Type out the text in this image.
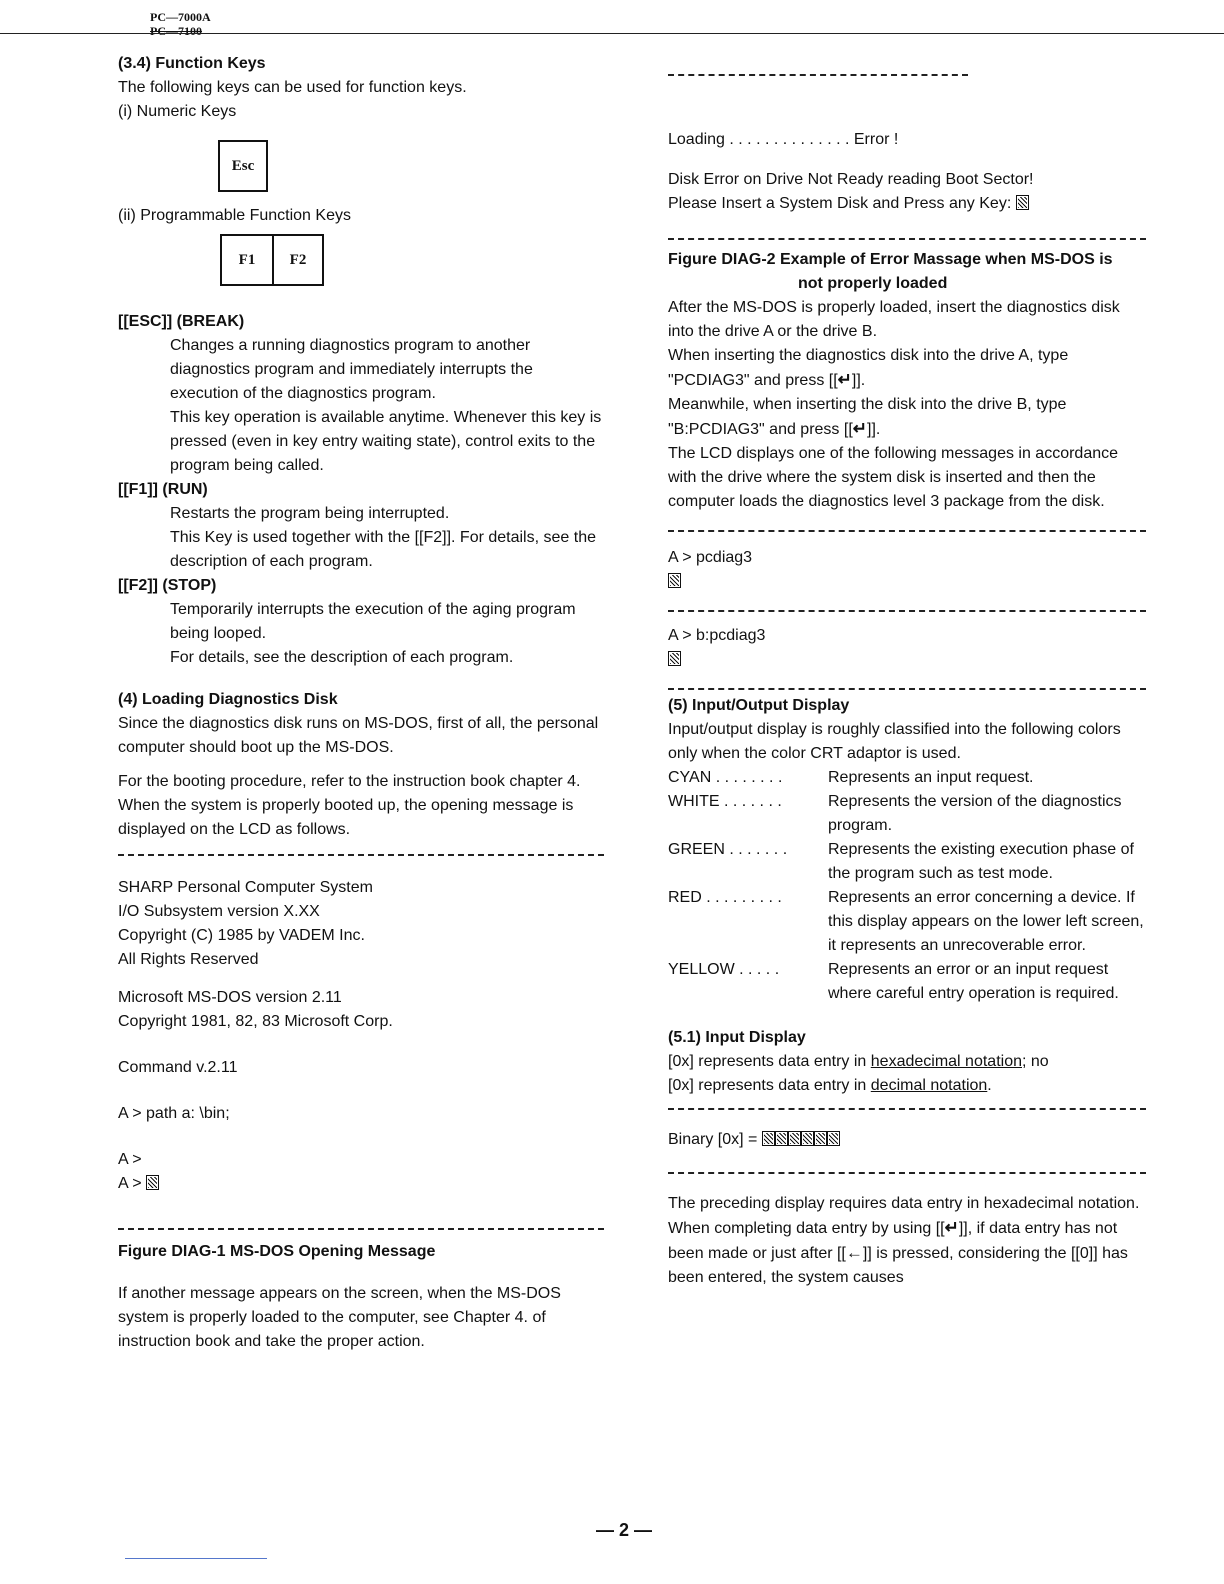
PC—7000A
PC—7100

(3.4) Function Keys

The following keys can be used for function keys.

(i) Numeric Keys

Esc

(ii) Programmable Function Keys

F1	F2

[[ESC]] (BREAK)

Changes a running diagnostics program to another diagnostics program and immediately interrupts the execution of the diagnostics program.

This key operation is available anytime. Whenever this key is pressed (even in key entry waiting state), control exits to the program being called.

[[F1]] (RUN)

Restarts the program being interrupted.

This Key is used together with the [[F2]]. For details, see the description of each program.

[[F2]] (STOP)

Temporarily interrupts the execution of the aging program being looped.

For details, see the description of each program.

(4) Loading Diagnostics Disk

Since the diagnostics disk runs on MS-DOS, first of all, the personal computer should boot up the MS-DOS.

For the booting procedure, refer to the instruction book chapter 4.

When the system is properly booted up, the opening message is displayed on the LCD as follows.

SHARP Personal Computer System

I/O Subsystem version X.XX

Copyright (C) 1985 by VADEM Inc.

All Rights Reserved

Microsoft MS-DOS version 2.11

Copyright 1981, 82, 83 Microsoft Corp.

Command v.2.11

A > path a: \bin;

A >

A >

Figure DIAG-1 MS-DOS Opening Message

If another message appears on the screen, when the MS-DOS system is properly loaded to the computer, see Chapter 4. of instruction book and take the proper action.

Loading . . . . . . . . . . . . . . Error !

Disk Error on Drive Not Ready reading Boot Sector!

Please Insert a System Disk and Press any Key:

Figure DIAG-2 Example of Error Massage when MS-DOS is

not properly loaded

After the MS-DOS is properly loaded, insert the diagnostics disk into the drive A or the drive B.

When inserting the diagnostics disk into the drive A, type "PCDIAG3" and press [[↵]].

Meanwhile, when inserting the disk into the drive B, type "B:PCDIAG3" and press [[↵]].

The LCD displays one of the following messages in accordance with the drive where the system disk is inserted and then the computer loads the diagnostics level 3 package from the disk.

A > pcdiag3

A > b:pcdiag3

(5) Input/Output Display

Input/output display is roughly classified into the following colors only when the color CRT adaptor is used.

CYAN . . . . . . . .	Represents an input request.
WHITE . . . . . . .	Represents the version of the diagnostics program.
GREEN . . . . . . .	Represents the existing execution phase of the program such as test mode.
RED . . . . . . . . .	Represents an error concerning a device. If this display appears on the lower left screen, it represents an unrecoverable error.
YELLOW . . . . .	Represents an error or an input request where careful entry operation is required.

(5.1) Input Display

[0x] represents data entry in hexadecimal notation; no

[0x] represents data entry in decimal notation.

Binary [0x] =

The preceding display requires data entry in hexadecimal notation.

When completing data entry by using [[↵]], if data entry has not been made or just after [[←]] is pressed, considering the [[0]] has been entered, the system causes

— 2 —
